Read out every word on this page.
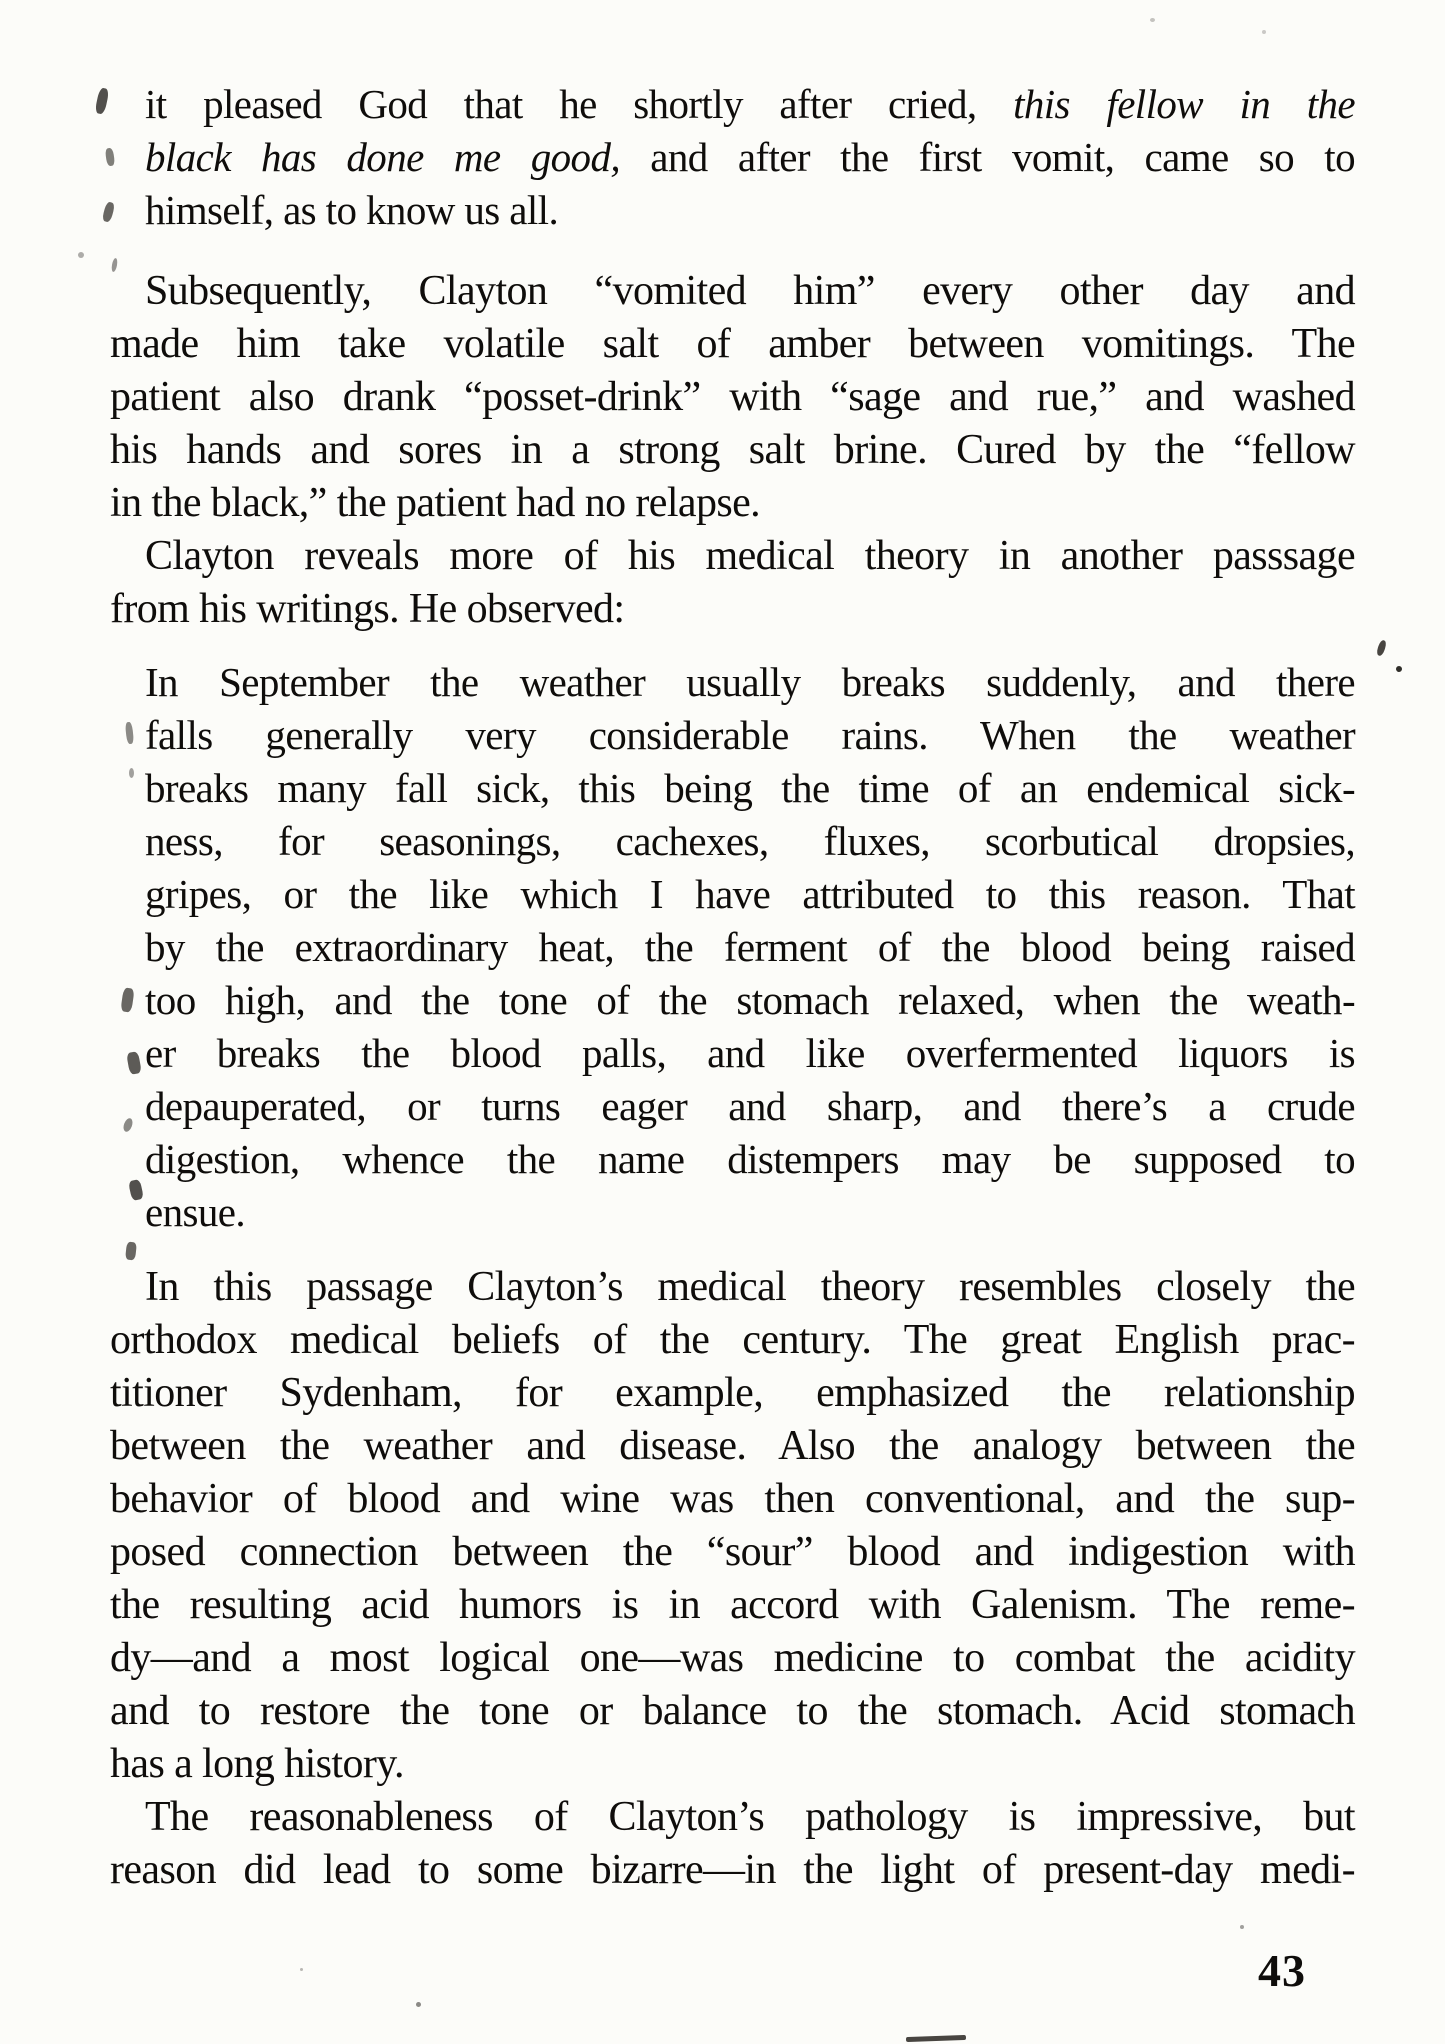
it pleased God that he shortly after cried, this fellow in the
black has done me good, and after the first vomit, came so to
himself, as to know us all.
Subsequently, Clayton “vomited him” every other day and
made him take volatile salt of amber between vomitings. The
patient also drank “posset-drink” with “sage and rue,” and washed
his hands and sores in a strong salt brine. Cured by the “fellow
in the black,” the patient had no relapse.
Clayton reveals more of his medical theory in another passsage
from his writings. He observed:
In September the weather usually breaks suddenly, and there
falls generally very considerable rains. When the weather
breaks many fall sick, this being the time of an endemical sick-
ness, for seasonings, cachexes, fluxes, scorbutical dropsies,
gripes, or the like which I have attributed to this reason. That
by the extraordinary heat, the ferment of the blood being raised
too high, and the tone of the stomach relaxed, when the weath-
er breaks the blood palls, and like overfermented liquors is
depauperated, or turns eager and sharp, and there’s a crude
digestion, whence the name distempers may be supposed to
ensue.
In this passage Clayton’s medical theory resembles closely the
orthodox medical beliefs of the century. The great English prac-
titioner Sydenham, for example, emphasized the relationship
between the weather and disease. Also the analogy between the
behavior of blood and wine was then conventional, and the sup-
posed connection between the “sour” blood and indigestion with
the resulting acid humors is in accord with Galenism. The reme-
dy—and a most logical one—was medicine to combat the acidity
and to restore the tone or balance to the stomach. Acid stomach
has a long history.
The reasonableness of Clayton’s pathology is impressive, but
reason did lead to some bizarre—in the light of present-day medi-
43
